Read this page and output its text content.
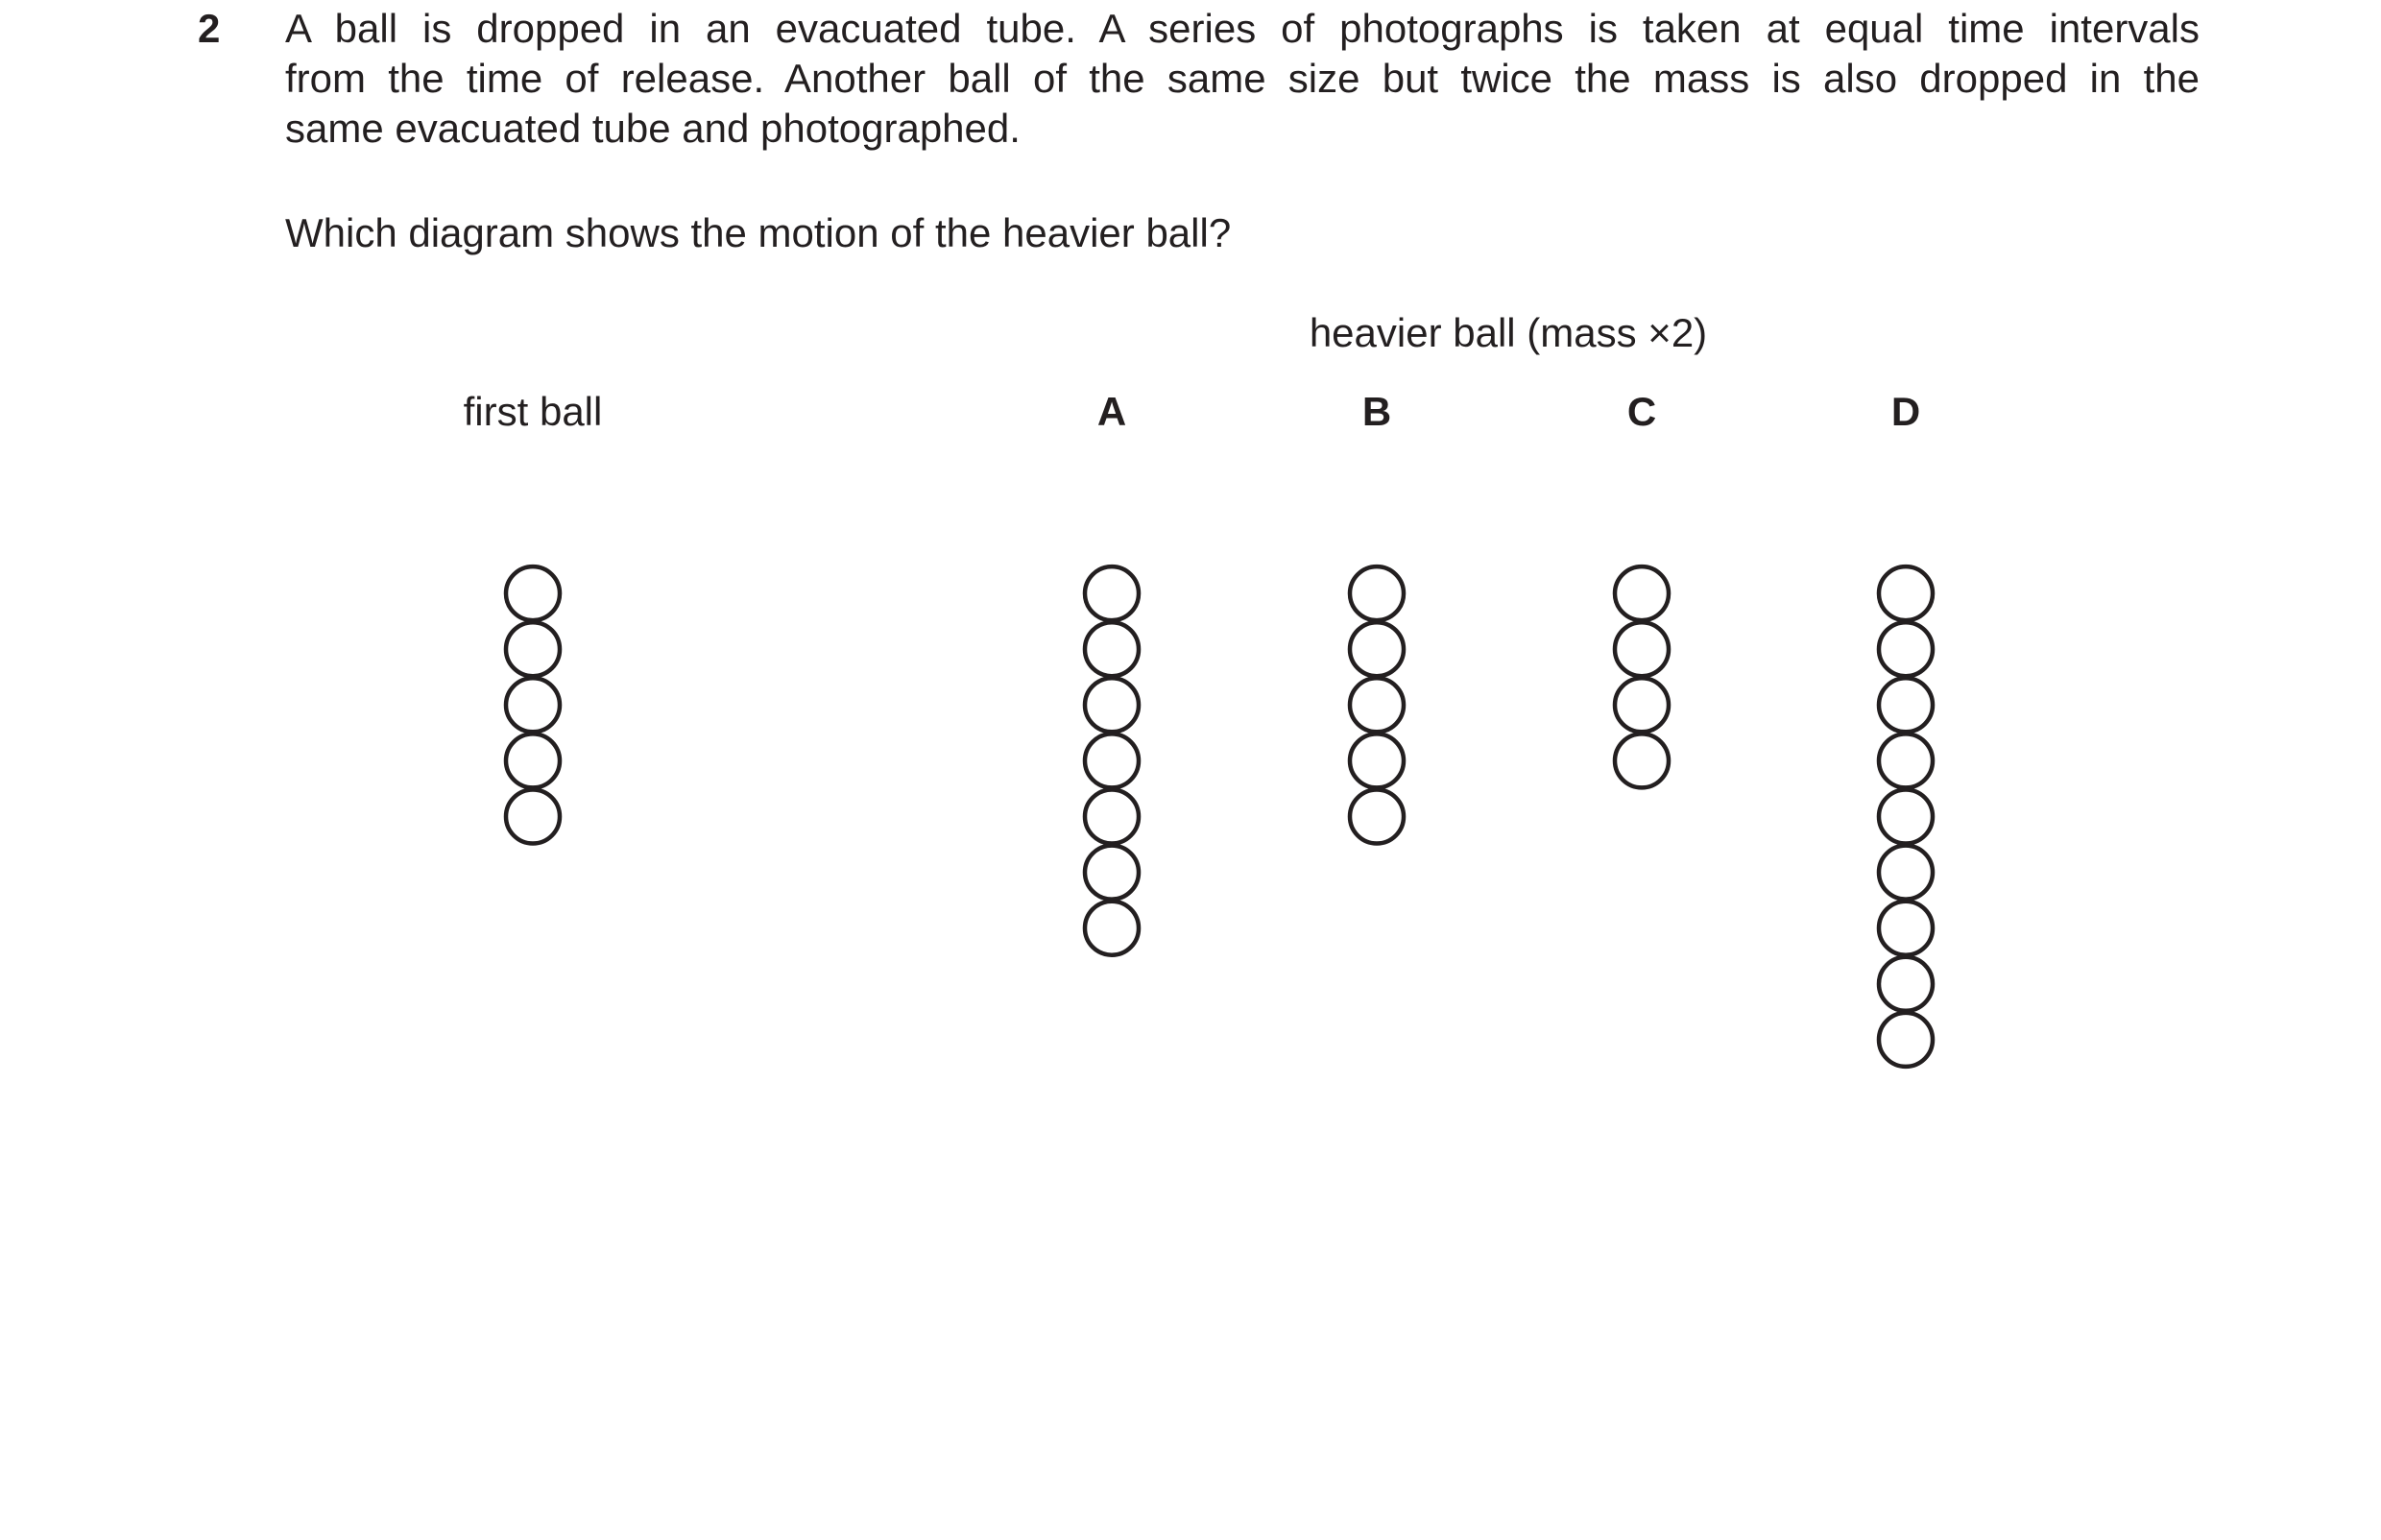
2 A ball is dropped in an evacuated tube. A series of photographs is taken at equal time intervals
from the time of release. Another ball of the same size but twice the mass is also dropped in the
same evacuated tube and photographed.
Which diagram shows the motion of the heavier ball?
heavier ball (mass ×2)
first ball	A	B	C	D
